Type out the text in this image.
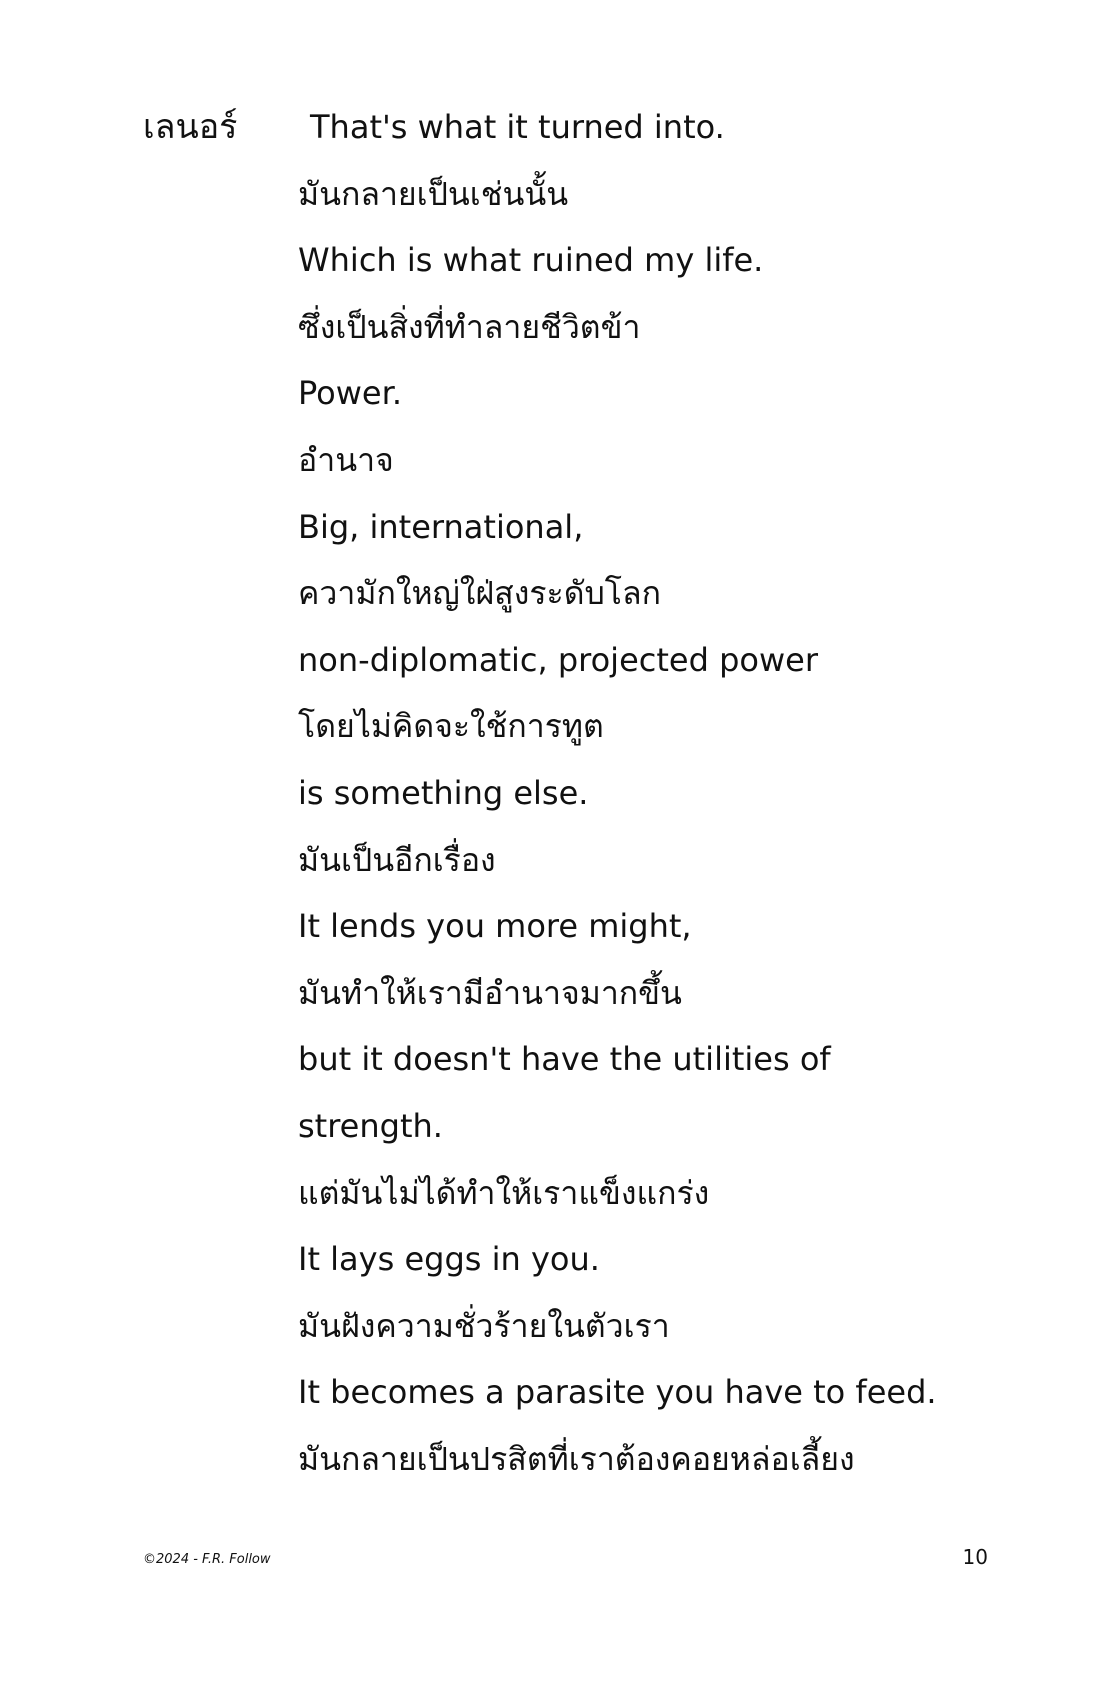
เลนอร์	That's what it turned into.
มันกลายเป็นเช่นนั้น
Which is what ruined my life.
ซึ่งเป็นสิ่งที่ทำลายชีวิตข้า
Power.
อำนาจ
Big, international,
ความักใหญ่ใฝ่สูงระดับโลก
non-diplomatic, projected power
โดยไม่คิดจะใช้การทูต
is something else.
มันเป็นอีกเรื่อง
It lends you more might,
มันทำให้เรามีอำนาจมากขึ้น
but it doesn't have the utilities of
strength.
แต่มันไม่ได้ทำให้เราแข็งแกร่ง
It lays eggs in you.
มันฝังความชั่วร้ายในตัวเรา
It becomes a parasite you have to feed.
มันกลายเป็นปรสิตที่เราต้องคอยหล่อเลี้ยง
©2024 - F.R. Follow	10
